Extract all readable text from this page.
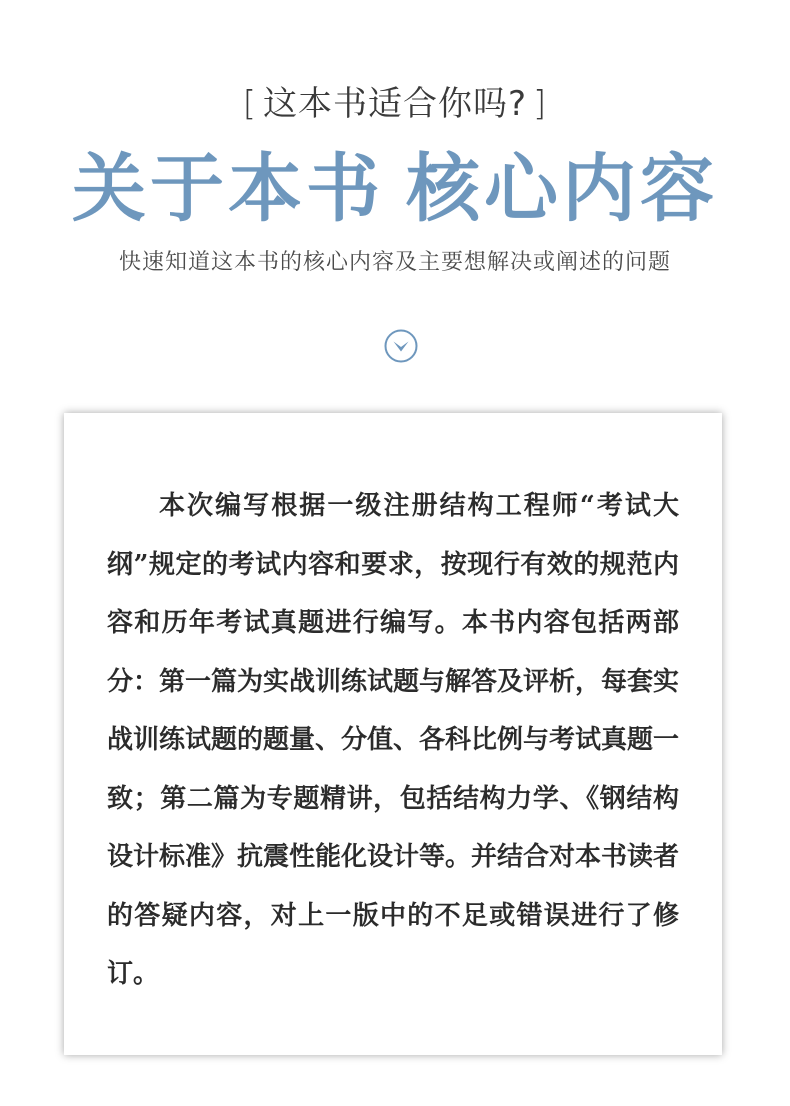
[ 这本书适合你吗? ]
关于本书 核心内容
快速知道这本书的核心内容及主要想解决或阐述的问题

本次编写根据一级注册结构工程师“考试大纲”规定的考试内容和要求，按现行有效的规范内容和历年考试真题进行编写。本书内容包括两部分：第一篇为实战训练试题与解答及评析，每套实战训练试题的题量、分值、各科比例与考试真题一致；第二篇为专题精讲，包括结构力学、《钢结构设计标准》抗震性能化设计等。并结合对本书读者的答疑内容，对上一版中的不足或错误进行了修订。
